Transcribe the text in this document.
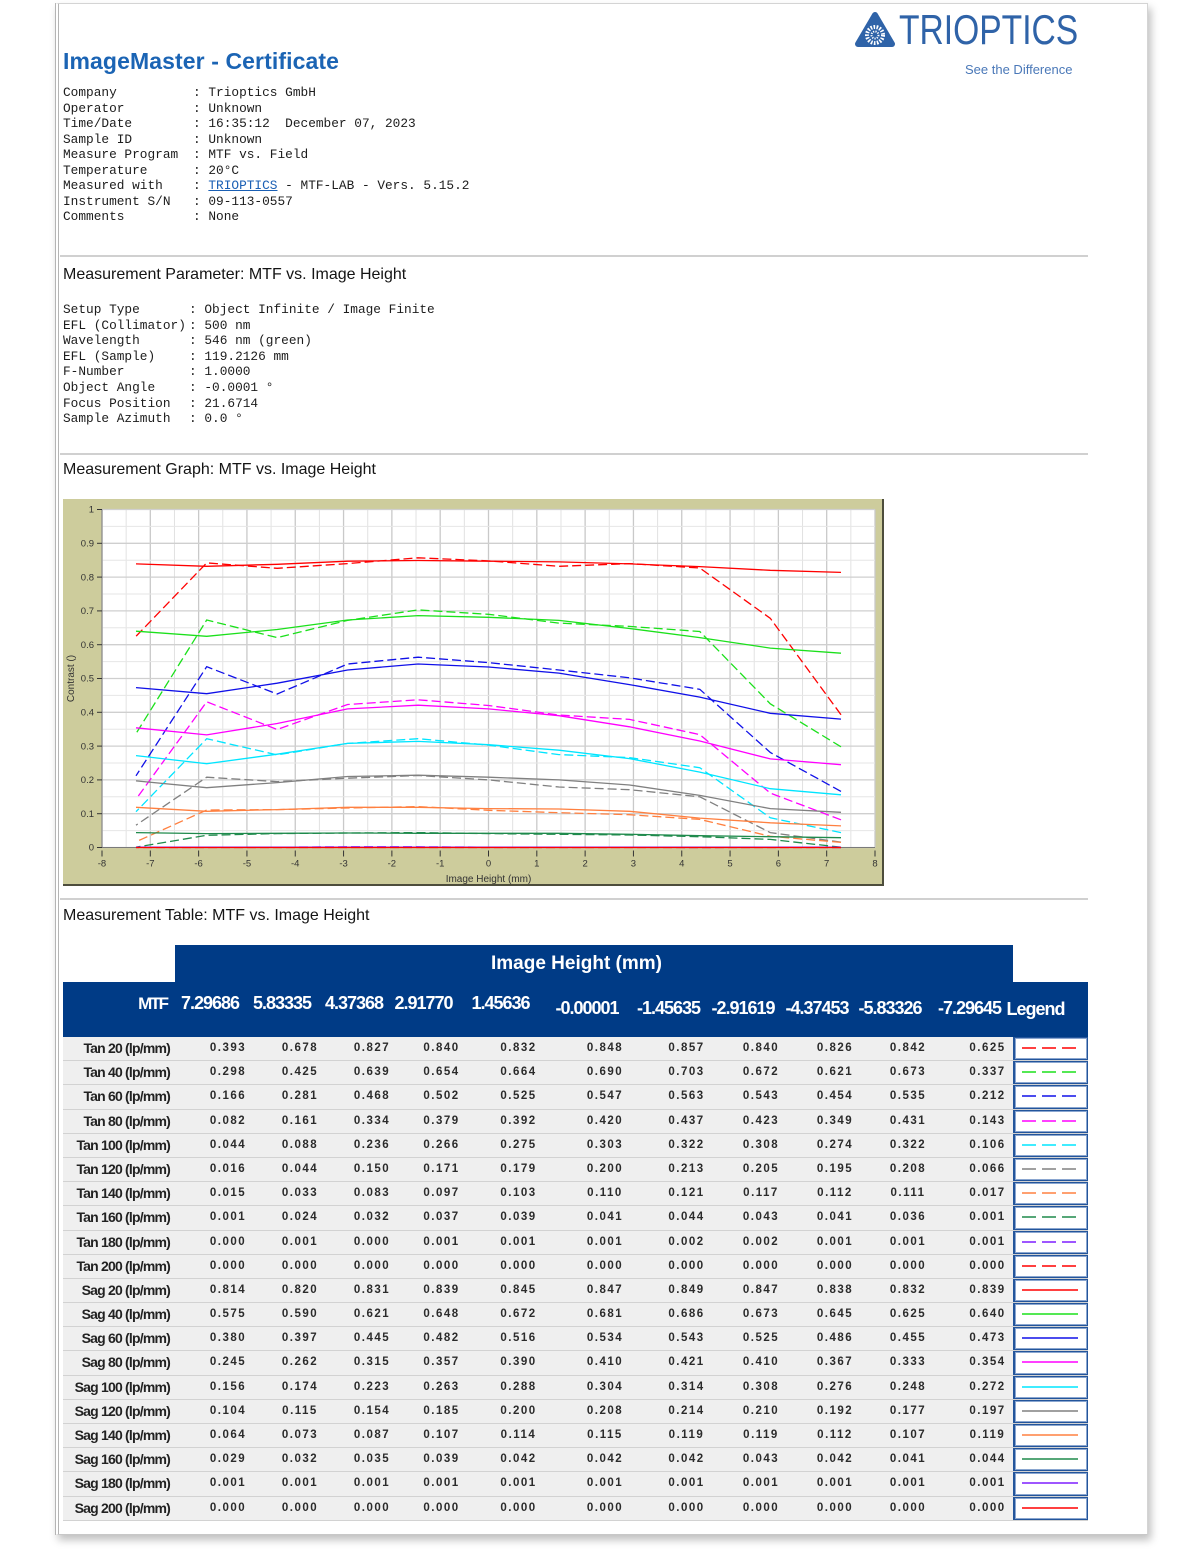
TRIOPTICS
See the Difference
ImageMaster - Certificate
Company	: Trioptics GmbH
Operator	: Unknown
Time/Date	: 16:35:12  December 07, 2023
Sample ID	: Unknown
Measure Program : MTF vs. Field
Temperature	: 20°C
Measured with : TRIOPTICS - MTF-LAB - Vers. 5.15.2
Instrument S/N : 09-113-0557
Comments	: None
Measurement Parameter: MTF vs. Image Height
Setup Type	: Object Infinite / Image Finite
EFL (Collimator) : 500 nm
Wavelength	: 546 nm (green)
EFL (Sample)	: 119.2126 mm
F-Number	: 1.0000
Object Angle	: -0.0001 °
Focus Position : 21.6714
Sample Azimuth : 0.0 °
Measurement Graph: MTF vs. Image Height
0
0.1
0.2
0.3
0.4
0.5
0.6
0.7
0.8
0.9
1
-8	-7	-6	-5	-4	-3	-2	-1	0	1	2	3	4	5	6	7	8
Image Height (mm)
Contrast ()
Measurement Table: MTF vs. Image Height
Image Height (mm)
MTF 7.29686 5.83335 4.37368 2.91770	1.45636	-0.00001	-1.45635 -2.91619 -4.37453 -5.83326 -7.29645 Legend
Tan 20 (lp/mm)	0.393	0.678	0.827	0.840	0.832	0.848	0.857	0.840	0.826	0.842	0.625
Tan 40 (lp/mm)	0.298	0.425	0.639	0.654	0.664	0.690	0.703	0.672	0.621	0.673	0.337
Tan 60 (lp/mm)	0.166	0.281	0.468	0.502	0.525	0.547	0.563	0.543	0.454	0.535	0.212
Tan 80 (lp/mm)	0.082	0.161	0.334	0.379	0.392	0.420	0.437	0.423	0.349	0.431	0.143
Tan 100 (lp/mm)	0.044	0.088	0.236	0.266	0.275	0.303	0.322	0.308	0.274	0.322	0.106
Tan 120 (lp/mm)	0.016	0.044	0.150	0.171	0.179	0.200	0.213	0.205	0.195	0.208	0.066
Tan 140 (lp/mm)	0.015	0.033	0.083	0.097	0.103	0.110	0.121	0.117	0.112	0.111	0.017
Tan 160 (lp/mm)	0.001	0.024	0.032	0.037	0.039	0.041	0.044	0.043	0.041	0.036	0.001
Tan 180 (lp/mm)	0.000	0.001	0.000	0.001	0.001	0.001	0.002	0.002	0.001	0.001	0.001
Tan 200 (lp/mm)	0.000	0.000	0.000	0.000	0.000	0.000	0.000	0.000	0.000	0.000	0.000
Sag 20 (lp/mm)	0.814	0.820	0.831	0.839	0.845	0.847	0.849	0.847	0.838	0.832	0.839
Sag 40 (lp/mm)	0.575	0.590	0.621	0.648	0.672	0.681	0.686	0.673	0.645	0.625	0.640
Sag 60 (lp/mm)	0.380	0.397	0.445	0.482	0.516	0.534	0.543	0.525	0.486	0.455	0.473
Sag 80 (lp/mm)	0.245	0.262	0.315	0.357	0.390	0.410	0.421	0.410	0.367	0.333	0.354
Sag 100 (lp/mm)	0.156	0.174	0.223	0.263	0.288	0.304	0.314	0.308	0.276	0.248	0.272
Sag 120 (lp/mm)	0.104	0.115	0.154	0.185	0.200	0.208	0.214	0.210	0.192	0.177	0.197
Sag 140 (lp/mm)	0.064	0.073	0.087	0.107	0.114	0.115	0.119	0.119	0.112	0.107	0.119
Sag 160 (lp/mm)	0.029	0.032	0.035	0.039	0.042	0.042	0.042	0.043	0.042	0.041	0.044
Sag 180 (lp/mm)	0.001	0.001	0.001	0.001	0.001	0.001	0.001	0.001	0.001	0.001	0.001
Sag 200 (lp/mm)	0.000	0.000	0.000	0.000	0.000	0.000	0.000	0.000	0.000	0.000	0.000
